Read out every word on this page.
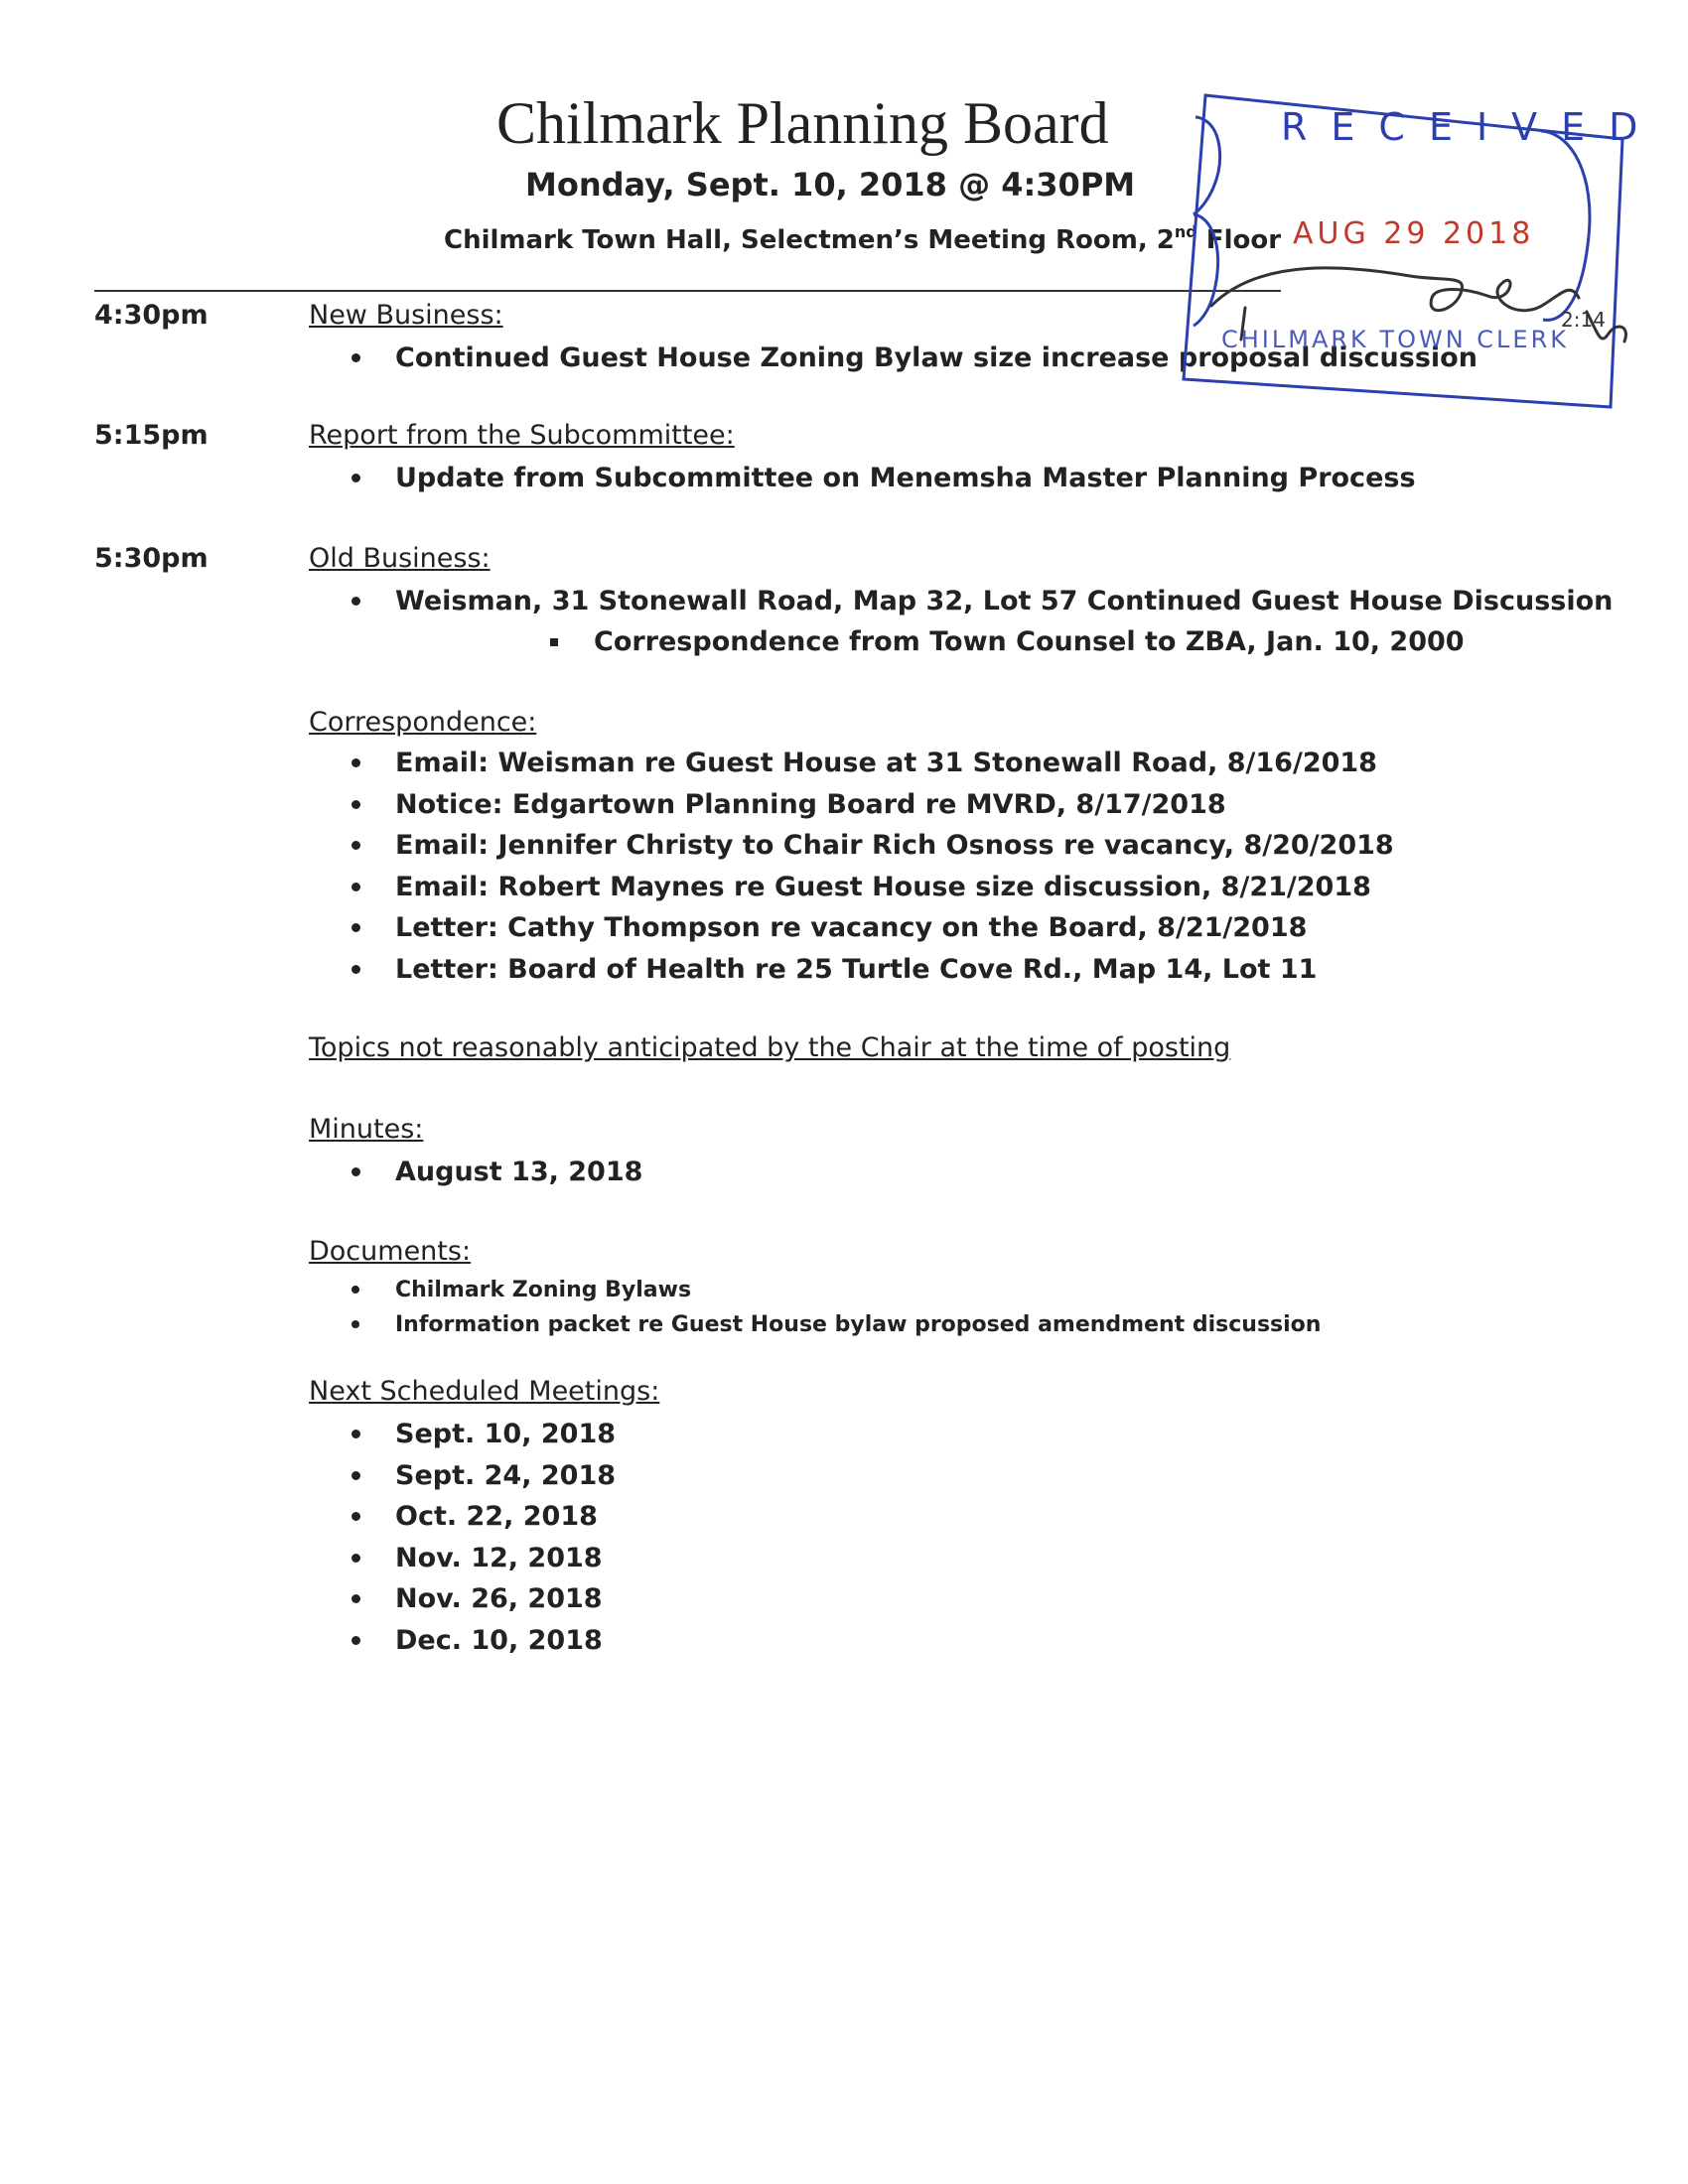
Chilmark Planning Board
Monday, Sept. 10, 2018 @ 4:30PM
Chilmark Town Hall, Selectmen’s Meeting Room, 2nd Floor
4:30pm	New Business:
Continued Guest House Zoning Bylaw size increase proposal discussion
5:15pm	Report from the Subcommittee:
Update from Subcommittee on Menemsha Master Planning Process
5:30pm	Old Business:
Weisman, 31 Stonewall Road, Map 32, Lot 57 Continued Guest House Discussion
Correspondence from Town Counsel to ZBA, Jan. 10, 2000
Correspondence:
Email: Weisman re Guest House at 31 Stonewall Road, 8/16/2018
Notice: Edgartown Planning Board re MVRD, 8/17/2018
Email: Jennifer Christy to Chair Rich Osnoss re vacancy, 8/20/2018
Email: Robert Maynes re Guest House size discussion, 8/21/2018
Letter: Cathy Thompson re vacancy on the Board, 8/21/2018
Letter: Board of Health re 25 Turtle Cove Rd., Map 14, Lot 11
Topics not reasonably anticipated by the Chair at the time of posting
Minutes:
August 13, 2018
Documents:
Chilmark Zoning Bylaws
Information packet re Guest House bylaw proposed amendment discussion
Next Scheduled Meetings:
Sept. 10, 2018
Sept. 24, 2018
Oct. 22, 2018
Nov. 12, 2018
Nov. 26, 2018
Dec. 10, 2018
RECEIVED
AUG 29 2018
CHILMARK TOWN CLERK
2:14
